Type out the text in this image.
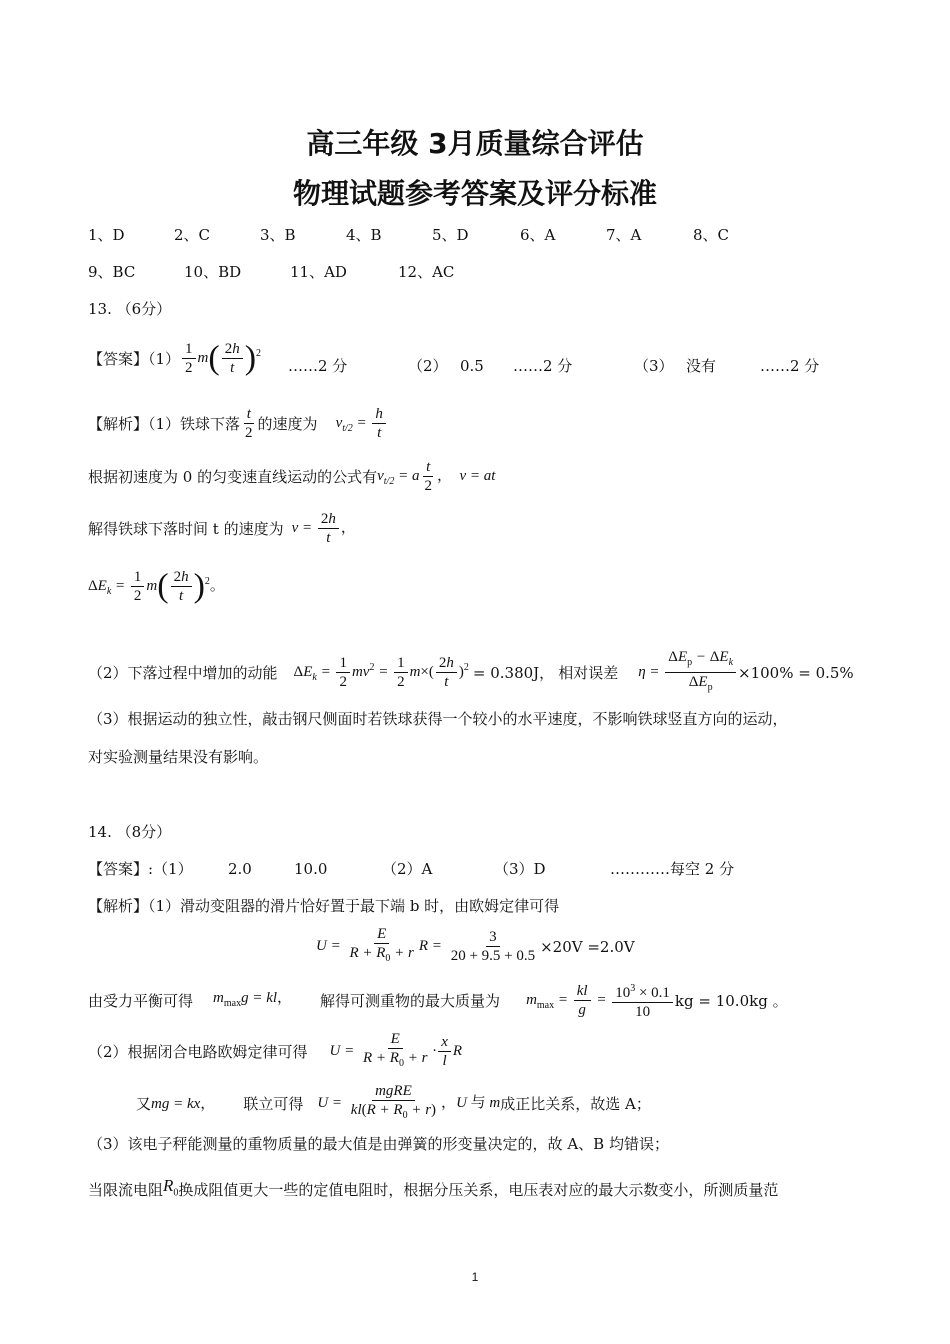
高三年级 3月质量综合评估
物理试题参考答案及评分标准
1、D	2、C	3、B	4、B	5、D	6、A	7、A	8、C
9、BC	10、BD	11、AD	12、AC
13. （6分）
【答案】$(1) \frac{1}{2} m( \frac{2h}{t} )^2$
……2 分	（2） 0.5 ……2 分	（3） 没有	……2 分
【解析】（1）铁球下落 $\frac{t}{2}$ 的速度为 $v_{t/2} = \frac{h}{t}$
根据初速度为 0 的匀变速直线运动的公式有 $v_{t/2} = a \frac{t}{2}$ ，  v = at
解得铁球下落时间 t 的速度为 $v = \frac{2h}{t}$ ，
$\Delta E_k = \frac{1}{2} m( \frac{2h}{t} )^2$。
（2）下落过程中增加的动能 $\Delta E_k = \frac{1}{2} mv^2 = \frac{1}{2} m\times( \frac{2h}{t} )^2 = 0.380J$， 相对误差 $\eta = \frac{\Delta E_p - \Delta E_k}{\Delta E_p} \times 100\% = 0.5\%$
（3）根据运动的独立性，敲击钢尺侧面时若铁球获得一个较小的水平速度，不影响铁球竖直方向的运动，
对实验测量结果没有影响。
14. （8分）
【答案】:（1） 2.0	10.0	（2）A	（3）D	…………每空 2 分
【解析】（1）滑动变阻器的滑片恰好置于最下端 b 时，由欧姆定律可得
$U = \frac{E}{R + R_0 + r}$ $R = \frac{3}{20 + 9.5 + 0.5} \times 20V =2.0V$
由受力平衡可得 $m_{max}g$ = kl， 解得可测重物的最大质量为 $m_{max} = \frac{kl}{g} = \frac{10^3 \times 0.1}{10}$ kg = 10.0kg 。
（2）根据闭合电路欧姆定律可得 $U = \frac{E}{R + R_0 + r} \cdot \frac{x}{l}$ R
又 mg = kx， 联立可得 $U = \frac{\text{mgRE}}{kl(R + R_0 + r)}$ ，U 与 m 成正比关系，故选 A；
（3）该电子秤能测量的重物质量的最大值是由弹簧的形变量决定的，故 A、B 均错误；
当限流电阻 $R_0$ 换成阻值更大一些的定值电阻时，根据分压关系，电压表对应的最大示数变小，所测质量范
1
